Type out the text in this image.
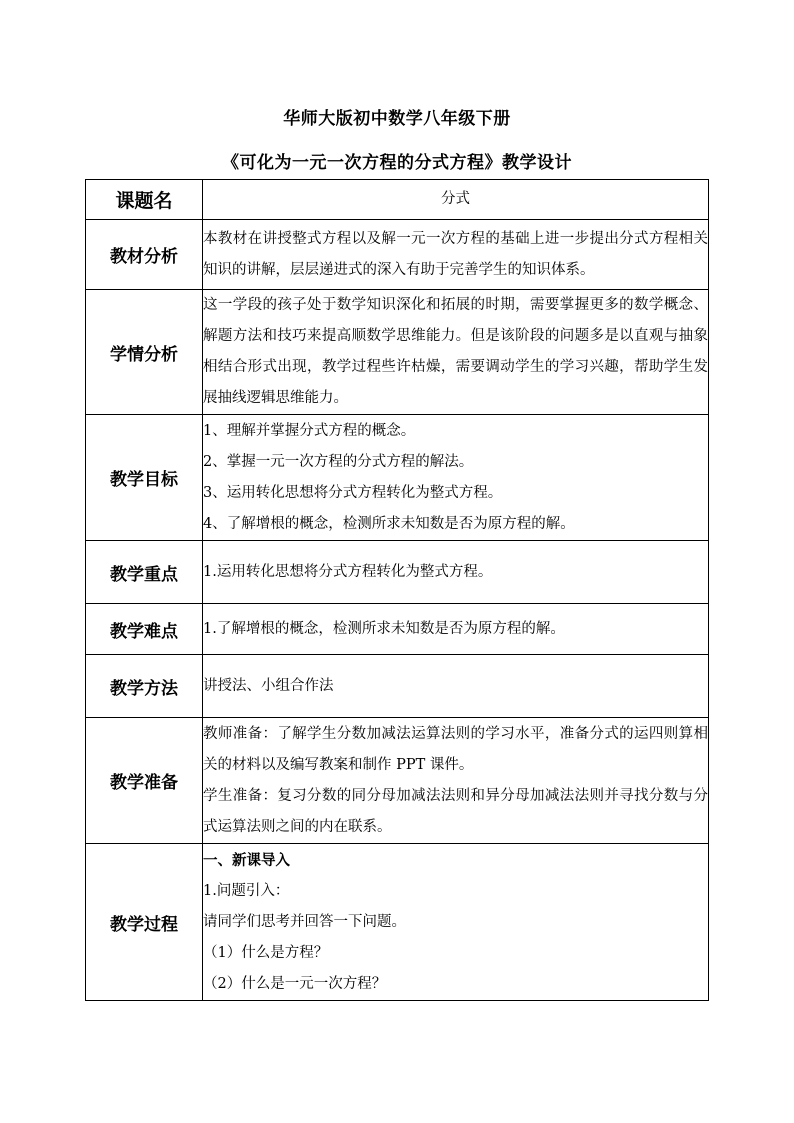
华师大版初中数学八年级下册
《可化为一元一次方程的分式方程》教学设计
课题名	分式
教材分析	本教材在讲授整式方程以及解一元一次方程的基础上进一步提出分式方程相关知识的讲解，层层递进式的深入有助于完善学生的知识体系。
学情分析	这一学段的孩子处于数学知识深化和拓展的时期，需要掌握更多的数学概念、解题方法和技巧来提高顺数学思维能力。但是该阶段的问题多是以直观与抽象相结合形式出现，教学过程些许枯燥，需要调动学生的学习兴趣，帮助学生发展抽线逻辑思维能力。
教学目标	1、理解并掌握分式方程的概念。
2、掌握一元一次方程的分式方程的解法。
3、运用转化思想将分式方程转化为整式方程。
4、了解增根的概念，检测所求未知数是否为原方程的解。

教学重点	1.运用转化思想将分式方程转化为整式方程。
教学难点	1.了解增根的概念，检测所求未知数是否为原方程的解。
教学方法	讲授法、小组合作法
教学准备	教师准备：了解学生分数加减法运算法则的学习水平，准备分式的运四则算相关的材料以及编写教案和制作 PPT 课件。
学生准备：复习分数的同分母加减法法则和异分母加减法法则并寻找分数与分式运算法则之间的内在联系。

教学过程	一、新课导入
1.问题引入：
请同学们思考并回答一下问题。
（1）什么是方程？
（2）什么是一元一次方程？
